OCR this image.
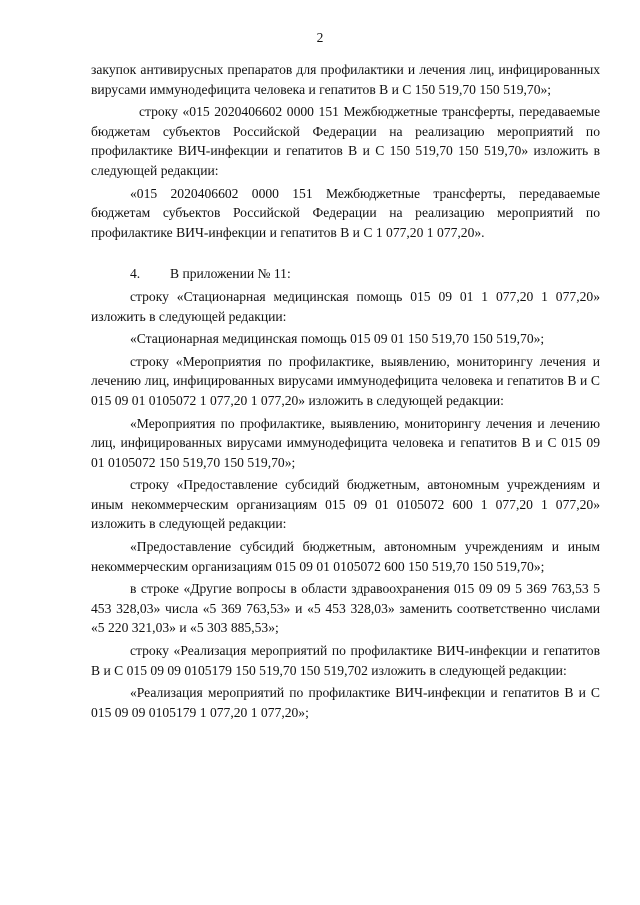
2

закупок антивирусных препаратов для профилактики и лечения лиц, инфицированных вирусами иммунодефицита человека и гепатитов В и С 150 519,70 150 519,70»;

строку «015 2020406602 0000 151 Межбюджетные трансферты, передаваемые бюджетам субъектов Российской Федерации на реализацию мероприятий по профилактике ВИЧ-инфекции и гепатитов В и С 150 519,70 150 519,70» изложить в следующей редакции:

«015 2020406602 0000 151 Межбюджетные трансферты, передаваемые бюджетам субъектов Российской Федерации на реализацию мероприятий по профилактике ВИЧ-инфекции и гепатитов В и С 1 077,20 1 077,20».

4. В приложении № 11:

строку «Стационарная медицинская помощь 015 09 01 1 077,20 1 077,20» изложить в следующей редакции:

«Стационарная медицинская помощь 015 09 01 150 519,70 150 519,70»;

строку «Мероприятия по профилактике, выявлению, мониторингу лечения и лечению лиц, инфицированных вирусами иммунодефицита человека и гепатитов В и С 015 09 01 0105072 1 077,20 1 077,20» изложить в следующей редакции:

«Мероприятия по профилактике, выявлению, мониторингу лечения и лечению лиц, инфицированных вирусами иммунодефицита человека и гепатитов В и С 015 09 01 0105072 150 519,70 150 519,70»;

строку «Предоставление субсидий бюджетным, автономным учреждениям и иным некоммерческим организациям 015 09 01 0105072 600 1 077,20 1 077,20» изложить в следующей редакции:

«Предоставление субсидий бюджетным, автономным учреждениям и иным некоммерческим организациям 015 09 01 0105072 600 150 519,70 150 519,70»;

в строке «Другие вопросы в области здравоохранения 015 09 09 5 369 763,53 5 453 328,03» числа «5 369 763,53» и «5 453 328,03» заменить соответственно числами «5 220 321,03» и «5 303 885,53»;

строку «Реализация мероприятий по профилактике ВИЧ-инфекции и гепатитов В и С 015 09 09 0105179 150 519,70 150 519,702 изложить в следующей редакции:

«Реализация мероприятий по профилактике ВИЧ-инфекции и гепатитов В и С 015 09 09 0105179 1 077,20 1 077,20»;
